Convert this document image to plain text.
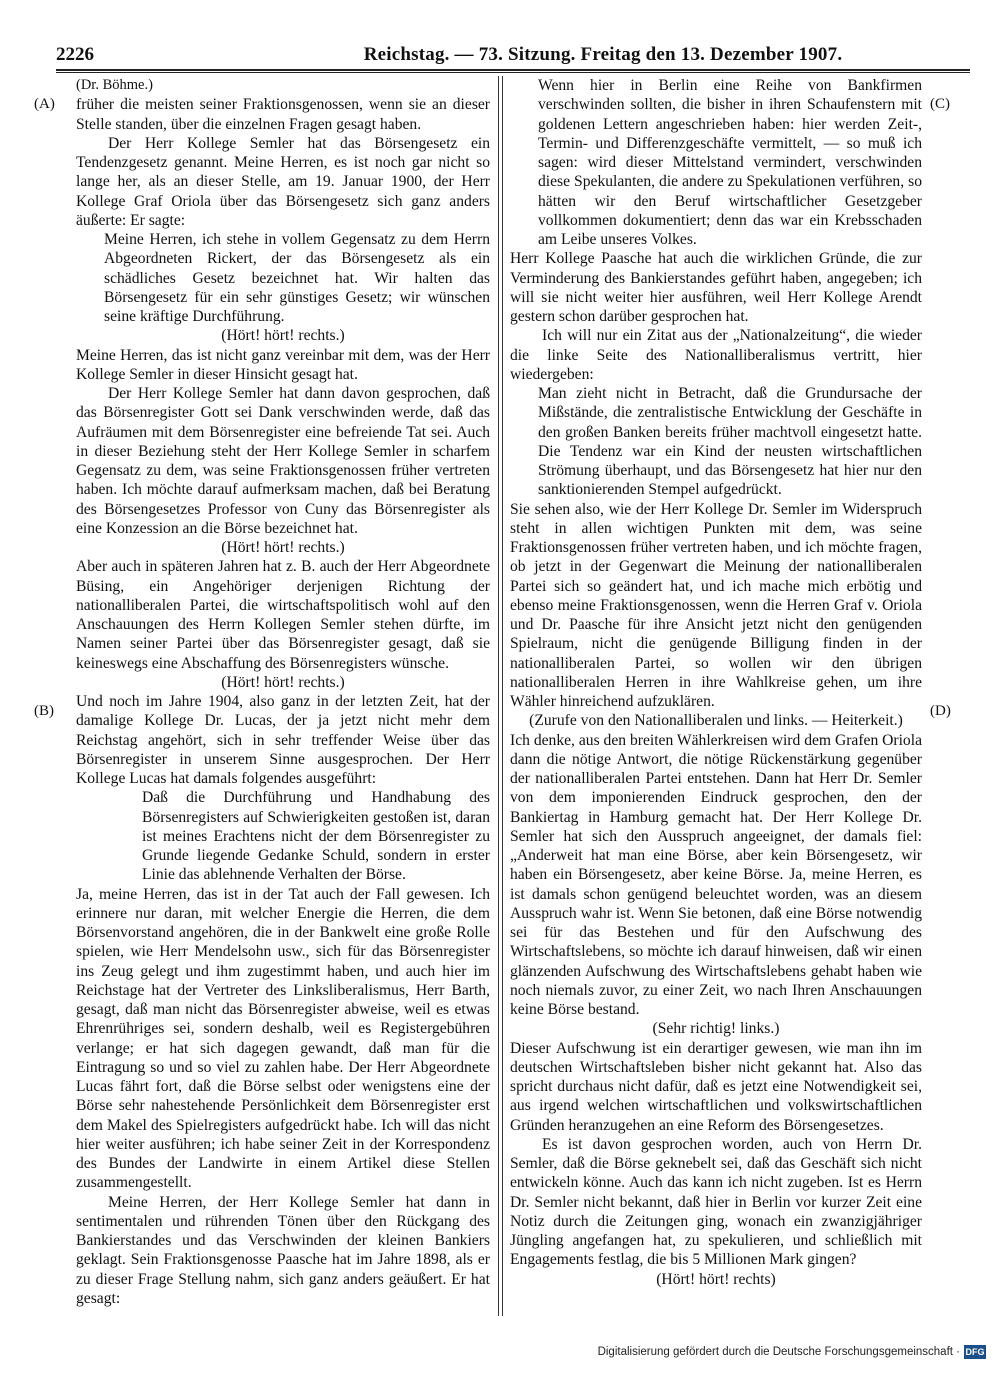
2226	Reichstag. — 73. Sitzung. Freitag den 13. Dezember 1907.
(A)
(B)
(C)
(D)

(Dr. Böhme.)

früher die meisten seiner Fraktionsgenossen, wenn sie an dieser Stelle standen, über die einzelnen Fragen gesagt haben.

Der Herr Kollege Semler hat das Börsengesetz ein Tendenzgesetz genannt. Meine Herren, es ist noch gar nicht so lange her, als an dieser Stelle, am 19. Januar 1900, der Herr Kollege Graf Oriola über das Börsengesetz sich ganz anders äußerte: Er sagte:

Meine Herren, ich stehe in vollem Gegensatz zu dem Herrn Abgeordneten Rickert, der das Börsengesetz als ein schädliches Gesetz bezeichnet hat. Wir halten das Börsengesetz für ein sehr günstiges Gesetz; wir wünschen seine kräftige Durchführung.

(Hört! hört! rechts.)

Meine Herren, das ist nicht ganz vereinbar mit dem, was der Herr Kollege Semler in dieser Hinsicht gesagt hat.

Der Herr Kollege Semler hat dann davon gesprochen, daß das Börsenregister Gott sei Dank verschwinden werde, daß das Aufräumen mit dem Börsenregister eine befreiende Tat sei. Auch in dieser Beziehung steht der Herr Kollege Semler in scharfem Gegensatz zu dem, was seine Fraktionsgenossen früher vertreten haben. Ich möchte darauf aufmerksam machen, daß bei Beratung des Börsengesetzes Professor von Cuny das Börsenregister als eine Konzession an die Börse bezeichnet hat.

(Hört! hört! rechts.)

Aber auch in späteren Jahren hat z. B. auch der Herr Abgeordnete Büsing, ein Angehöriger derjenigen Richtung der nationalliberalen Partei, die wirtschaftspolitisch wohl auf den Anschauungen des Herrn Kollegen Semler stehen dürfte, im Namen seiner Partei über das Börsenregister gesagt, daß sie keineswegs eine Abschaffung des Börsenregisters wünsche.

(Hört! hört! rechts.)

Und noch im Jahre 1904, also ganz in der letzten Zeit, hat der damalige Kollege Dr. Lucas, der ja jetzt nicht mehr dem Reichstag angehört, sich in sehr treffender Weise über das Börsenregister in unserem Sinne ausgesprochen. Der Herr Kollege Lucas hat damals folgendes ausgeführt:

Daß die Durchführung und Handhabung des Börsenregisters auf Schwierigkeiten gestoßen ist, daran ist meines Erachtens nicht der dem Börsenregister zu Grunde liegende Gedanke Schuld, sondern in erster Linie das ablehnende Verhalten der Börse.

Ja, meine Herren, das ist in der Tat auch der Fall gewesen. Ich erinnere nur daran, mit welcher Energie die Herren, die dem Börsenvorstand angehören, die in der Bankwelt eine große Rolle spielen, wie Herr Mendelsohn usw., sich für das Börsenregister ins Zeug gelegt und ihm zugestimmt haben, und auch hier im Reichstage hat der Vertreter des Linksliberalismus, Herr Barth, gesagt, daß man nicht das Börsenregister abweise, weil es etwas Ehrenrühriges sei, sondern deshalb, weil es Registergebühren verlange; er hat sich dagegen gewandt, daß man für die Eintragung so und so viel zu zahlen habe. Der Herr Abgeordnete Lucas fährt fort, daß die Börse selbst oder wenigstens eine der Börse sehr nahestehende Persönlichkeit dem Börsenregister erst dem Makel des Spielregisters aufgedrückt habe. Ich will das nicht hier weiter ausführen; ich habe seiner Zeit in der Korrespondenz des Bundes der Landwirte in einem Artikel diese Stellen zusammengestellt.

Meine Herren, der Herr Kollege Semler hat dann in sentimentalen und rührenden Tönen über den Rückgang des Bankierstandes und das Verschwinden der kleinen Bankiers geklagt. Sein Fraktionsgenosse Paasche hat im Jahre 1898, als er zu dieser Frage Stellung nahm, sich ganz anders geäußert. Er hat gesagt:

Wenn hier in Berlin eine Reihe von Bankfirmen verschwinden sollten, die bisher in ihren Schaufenstern mit goldenen Lettern angeschrieben haben: hier werden Zeit-, Termin- und Differenzgeschäfte vermittelt, — so muß ich sagen: wird dieser Mittelstand vermindert, verschwinden diese Spekulanten, die andere zu Spekulationen verführen, so hätten wir den Beruf wirtschaftlicher Gesetzgeber vollkommen dokumentiert; denn das war ein Krebsschaden am Leibe unseres Volkes.

Herr Kollege Paasche hat auch die wirklichen Gründe, die zur Verminderung des Bankierstandes geführt haben, angegeben; ich will sie nicht weiter hier ausführen, weil Herr Kollege Arendt gestern schon darüber gesprochen hat.

Ich will nur ein Zitat aus der „Nationalzeitung“, die wieder die linke Seite des Nationalliberalismus vertritt, hier wiedergeben:

Man zieht nicht in Betracht, daß die Grundursache der Mißstände, die zentralistische Entwicklung der Geschäfte in den großen Banken bereits früher machtvoll eingesetzt hatte. Die Tendenz war ein Kind der neusten wirtschaftlichen Strömung überhaupt, und das Börsengesetz hat hier nur den sanktionierenden Stempel aufgedrückt.

Sie sehen also, wie der Herr Kollege Dr. Semler im Widerspruch steht in allen wichtigen Punkten mit dem, was seine Fraktionsgenossen früher vertreten haben, und ich möchte fragen, ob jetzt in der Gegenwart die Meinung der nationalliberalen Partei sich so geändert hat, und ich mache mich erbötig und ebenso meine Fraktionsgenossen, wenn die Herren Graf v. Oriola und Dr. Paasche für ihre Ansicht jetzt nicht den genügenden Spielraum, nicht die genügende Billigung finden in der nationalliberalen Partei, so wollen wir den übrigen nationalliberalen Herren in ihre Wahlkreise gehen, um ihre Wähler hinreichend aufzuklären.

(Zurufe von den Nationalliberalen und links. — Heiterkeit.)

Ich denke, aus den breiten Wählerkreisen wird dem Grafen Oriola dann die nötige Antwort, die nötige Rückenstärkung gegenüber der nationalliberalen Partei entstehen. Dann hat Herr Dr. Semler von dem imponierenden Eindruck gesprochen, den der Bankiertag in Hamburg gemacht hat. Der Herr Kollege Dr. Semler hat sich den Ausspruch angeeignet, der damals fiel: „Anderweit hat man eine Börse, aber kein Börsengesetz, wir haben ein Börsengesetz, aber keine Börse. Ja, meine Herren, es ist damals schon genügend beleuchtet worden, was an diesem Ausspruch wahr ist. Wenn Sie betonen, daß eine Börse notwendig sei für das Bestehen und für den Aufschwung des Wirtschaftslebens, so möchte ich darauf hinweisen, daß wir einen glänzenden Aufschwung des Wirtschaftslebens gehabt haben wie noch niemals zuvor, zu einer Zeit, wo nach Ihren Anschauungen keine Börse bestand.

(Sehr richtig! links.)

Dieser Aufschwung ist ein derartiger gewesen, wie man ihn im deutschen Wirtschaftsleben bisher nicht gekannt hat. Also das spricht durchaus nicht dafür, daß es jetzt eine Notwendigkeit sei, aus irgend welchen wirtschaftlichen und volkswirtschaftlichen Gründen heranzugehen an eine Reform des Börsengesetzes.

Es ist davon gesprochen worden, auch von Herrn Dr. Semler, daß die Börse geknebelt sei, daß das Geschäft sich nicht entwickeln könne. Auch das kann ich nicht zugeben. Ist es Herrn Dr. Semler nicht bekannt, daß hier in Berlin vor kurzer Zeit eine Notiz durch die Zeitungen ging, wonach ein zwanzigjähriger Jüngling angefangen hat, zu spekulieren, und schließlich mit Engagements festlag, die bis 5 Millionen Mark gingen?

(Hört! hört! rechts)

Digitalisierung gefördert durch die Deutsche Forschungsgemeinschaft · DFG
